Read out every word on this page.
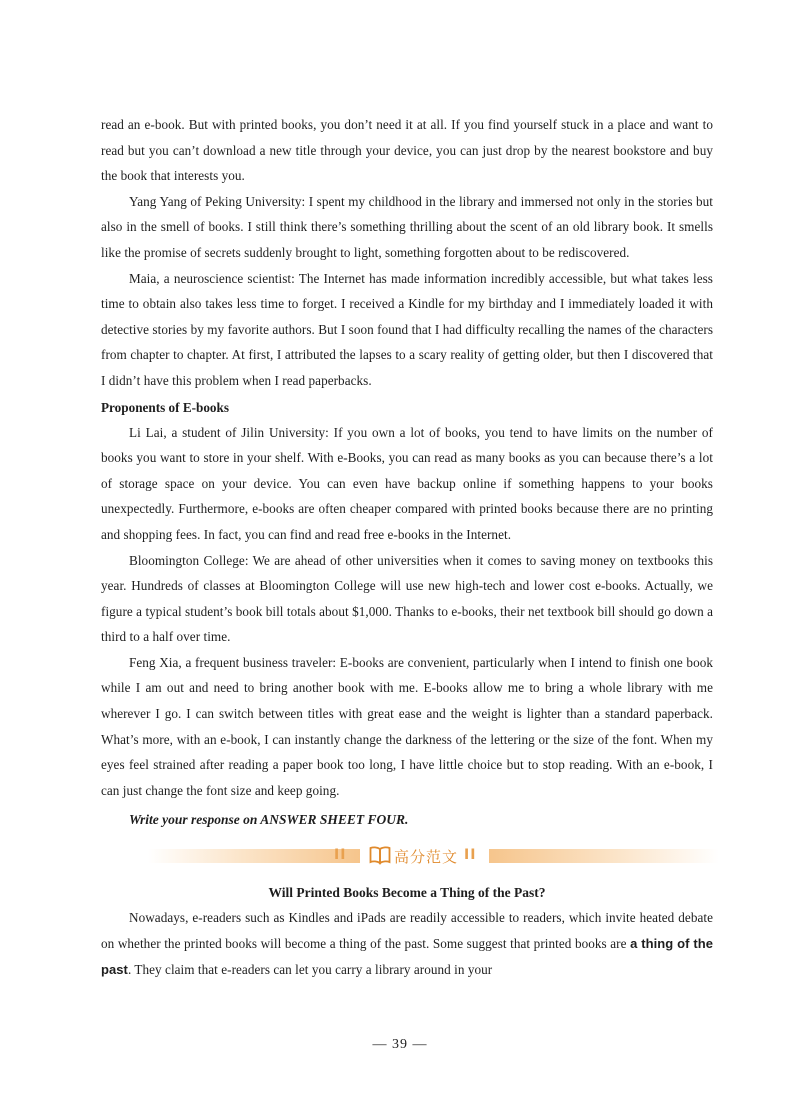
read an e-book. But with printed books, you don’t need it at all. If you find yourself stuck in a place and want to read but you can’t download a new title through your device, you can just drop by the nearest bookstore and buy the book that interests you.

Yang Yang of Peking University: I spent my childhood in the library and immersed not only in the stories but also in the smell of books. I still think there’s something thrilling about the scent of an old library book. It smells like the promise of secrets suddenly brought to light, something forgotten about to be rediscovered.

Maia, a neuroscience scientist: The Internet has made information incredibly accessible, but what takes less time to obtain also takes less time to forget. I received a Kindle for my birthday and I immediately loaded it with detective stories by my favorite authors. But I soon found that I had difficulty recalling the names of the characters from chapter to chapter. At first, I attributed the lapses to a scary reality of getting older, but then I discovered that I didn’t have this problem when I read paperbacks.

Proponents of E-books

Li Lai, a student of Jilin University: If you own a lot of books, you tend to have limits on the number of books you want to store in your shelf. With e-Books, you can read as many books as you can because there’s a lot of storage space on your device. You can even have backup online if something happens to your books unexpectedly. Furthermore, e-books are often cheaper compared with printed books because there are no printing and shopping fees. In fact, you can find and read free e-books in the Internet.

Bloomington College: We are ahead of other universities when it comes to saving money on textbooks this year. Hundreds of classes at Bloomington College will use new high-tech and lower cost e-books. Actually, we figure a typical student’s book bill totals about $1,000. Thanks to e-books, their net textbook bill should go down a third to a half over time.

Feng Xia, a frequent business traveler: E-books are convenient, particularly when I intend to finish one book while I am out and need to bring another book with me. E-books allow me to bring a whole library with me wherever I go. I can switch between titles with great ease and the weight is lighter than a standard paperback. What’s more, with an e-book, I can instantly change the darkness of the lettering or the size of the font. When my eyes feel strained after reading a paper book too long, I have little choice but to stop reading. With an e-book, I can just change the font size and keep going.

Write your response on ANSWER SHEET FOUR.
II	高分范文 II
Will Printed Books Become a Thing of the Past?

Nowadays, e-readers such as Kindles and iPads are readily accessible to readers, which invite heated debate on whether the printed books will become a thing of the past. Some suggest that printed books are a thing of the past. They claim that e-readers can let you carry a library around in your

— 39 —
